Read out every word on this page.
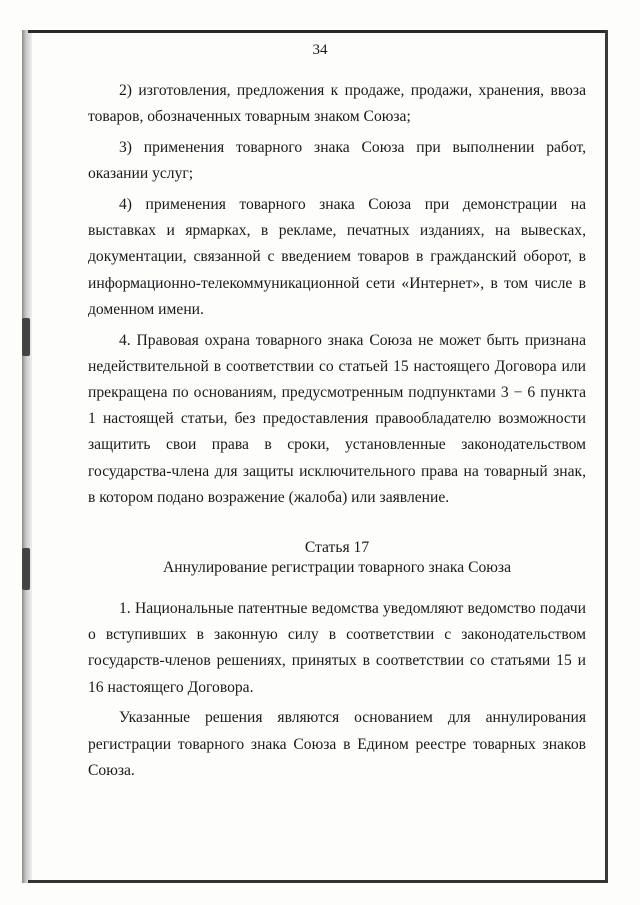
34

2) изготовления, предложения к продаже, продажи, хранения, ввоза товаров, обозначенных товарным знаком Союза;

3) применения товарного знака Союза при выполнении работ, оказании услуг;

4) применения товарного знака Союза при демонстрации на выставках и ярмарках, в рекламе, печатных изданиях, на вывесках, документации, связанной с введением товаров в гражданский оборот, в информационно-телекоммуникационной сети «Интернет», в том числе в доменном имени.

4. Правовая охрана товарного знака Союза не может быть признана недействительной в соответствии со статьей 15 настоящего Договора или прекращена по основаниям, предусмотренным подпунктами 3 − 6 пункта 1 настоящей статьи, без предоставления правообладателю возможности защитить свои права в сроки, установленные законодательством государства-члена для защиты исключительного права на товарный знак, в котором подано возражение (жалоба) или заявление.

Статья 17
Аннулирование регистрации товарного знака Союза

1. Национальные патентные ведомства уведомляют ведомство подачи о вступивших в законную силу в соответствии с законодательством государств-членов решениях, принятых в соответствии со статьями 15 и 16 настоящего Договора.

Указанные решения являются основанием для аннулирования регистрации товарного знака Союза в Едином реестре товарных знаков Союза.
